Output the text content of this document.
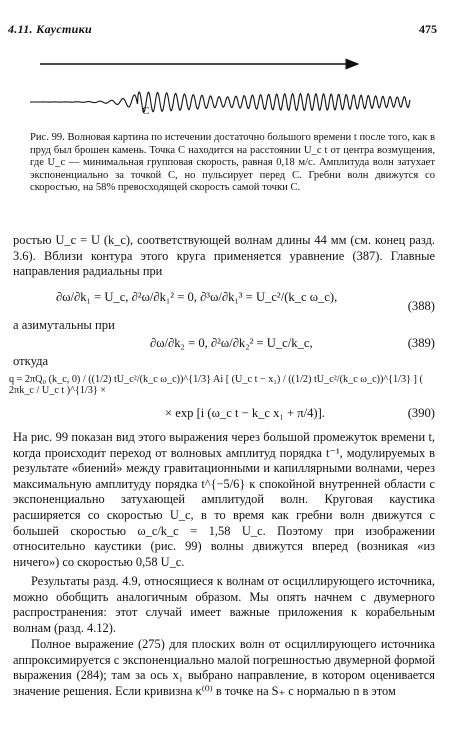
4.11. Каустики	475
C
Рис. 99. Волновая картина по истечении достаточно большого времени t после того, как в пруд был брошен камень. Точка C находится на расстоянии U_c t от центра возмущения, где U_c — минимальная групповая скорость, равная 0,18 м/с. Амплитуда волн затухает экспоненциально за точкой C, но пульсирует перед C. Гребни волн движутся со скоростью, на 58% превосходящей скорость самой точки C.

ростью U_c = U (k_c), соответствующей волнам длины 44 мм (см. конец разд. 3.6). Вблизи контура этого круга применяется уравнение (387). Главные направления радиальны при

∂ω/∂k₁ = U_c, ∂²ω/∂k₁² = 0, ∂³ω/∂k₁³ = U_c²/(k_c ω_c),
(388)
а азимутальны при
∂ω/∂k₂ = 0, ∂²ω/∂k₂² = U_c/k_c,	(389)
откуда
q = 2πQ₀ (k_c, 0) / ((1/2) tU_c²/(k_c ω_c))^{1/3} Ai [ (U_c t − x₁) / ((1/2) tU_c²/(k_c ω_c))^{1/3} ] ( 2πk_c / U_c t )^{1/3} ×
× exp [i (ω_c t − k_c x₁ + π/4)].	(390)

На рис. 99 показан вид этого выражения через большой промежуток времени t, когда происходит переход от волновых амплитуд порядка t⁻¹, модулируемых в результате «биений» между гравитационными и капиллярными волнами, через максимальную амплитуду порядка t^{−5/6} к спокойной внутренней области с экспоненциально затухающей амплитудой волн. Круговая каустика расширяется со скоростью U_c, в то время как гребни волн движутся с большей скоростью ω_c/k_c = 1,58 U_c. Поэтому при изображении относительно каустики (рис. 99) волны движутся вперед (возникая «из ничего») со скоростью 0,58 U_c.

Результаты разд. 4.9, относящиеся к волнам от осциллирующего источника, можно обобщить аналогичным образом. Мы опять начнем с двумерного распространения: этот случай имеет важные приложения к корабельным волнам (разд. 4.12).

Полное выражение (275) для плоских волн от осциллирующего источника аппроксимируется с экспоненциально малой погрешностью двумерной формой выражения (284); там за ось x₁ выбрано направление, в котором оценивается значение решения. Если кривизна κ⁽⁰⁾ в точке на S₊ с нормалью n в этом
